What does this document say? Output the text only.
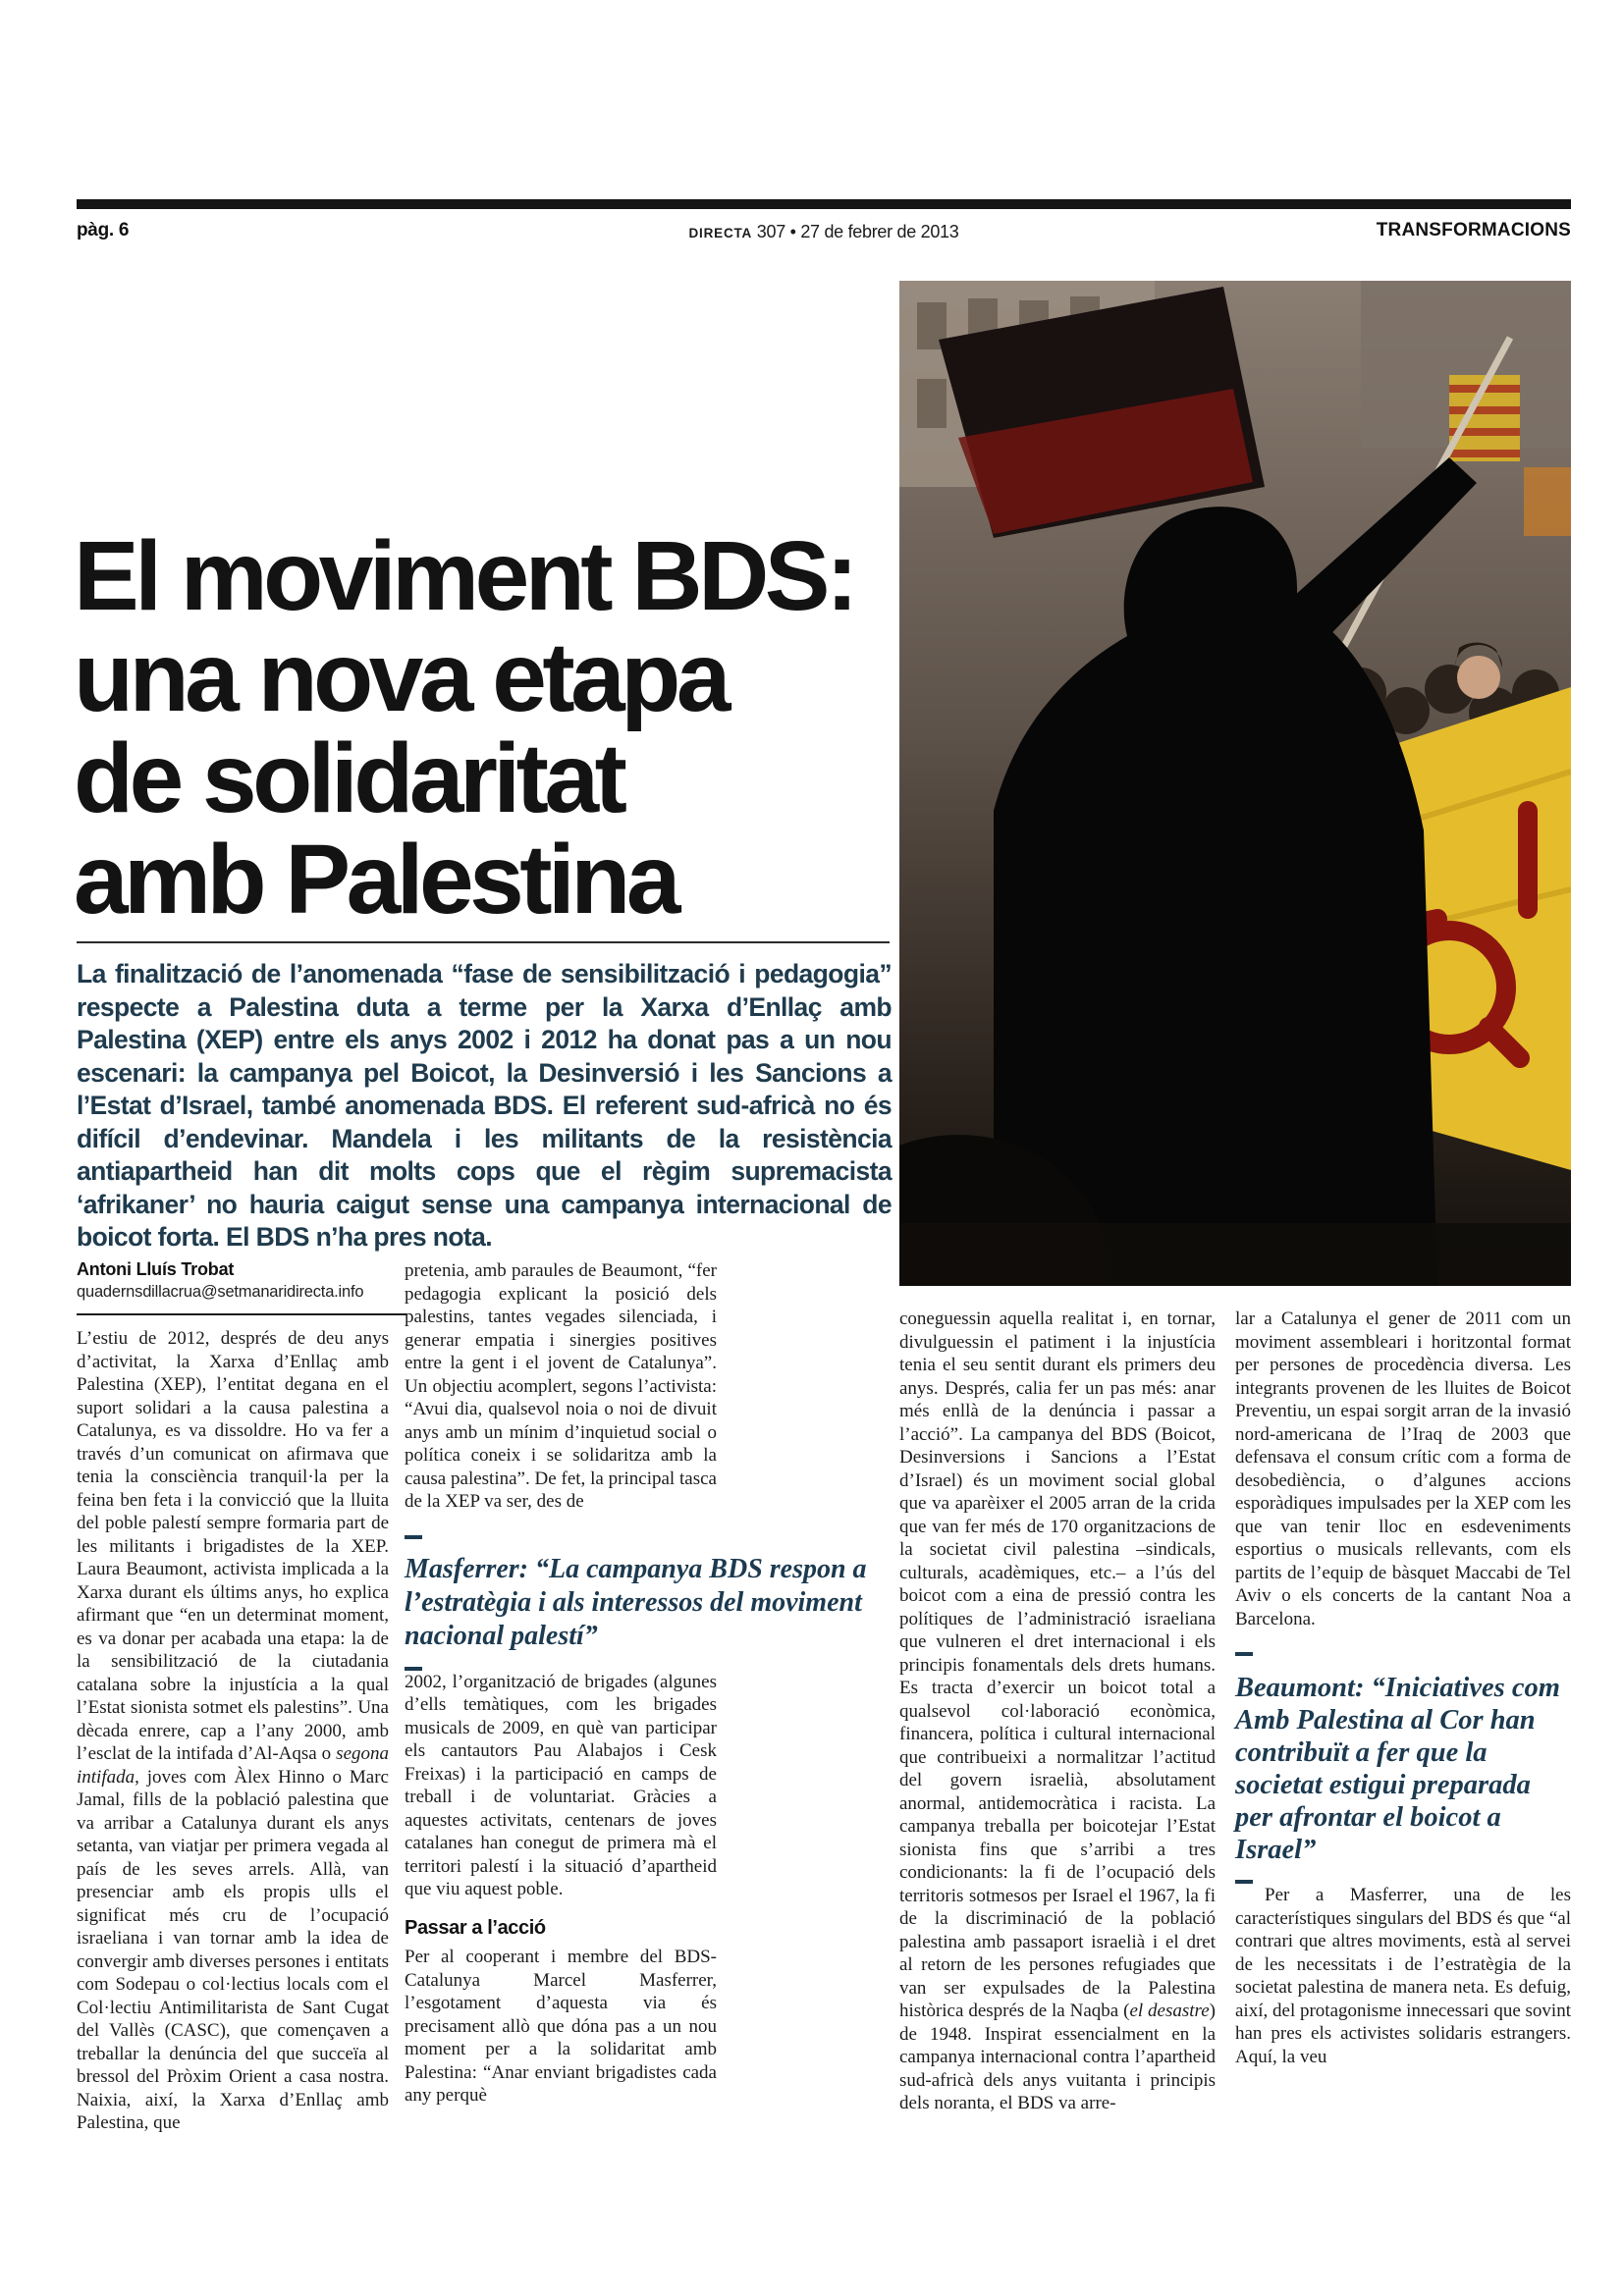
pàg. 6	DIRECTA 307 • 27 de febrer de 2013	TRANSFORMACIONS
El moviment BDS:
una nova etapa
de solidaritat
amb Palestina
La finalització de l’anomenada “fase de sensibilització i pedagogia” respecte a Palestina duta a terme per la Xarxa d’Enllaç amb Palestina (XEP) entre els anys 2002 i 2012 ha donat pas a un nou escenari: la campanya pel Boicot, la Desinversió i les Sancions a l’Estat d’Israel, també anomenada BDS. El referent sud-africà no és difícil d’endevinar. Mandela i les militants de la resistència antiapartheid han dit molts cops que el règim supremacista ‘afrikaner’ no hauria caigut sense una campanya internacional de boicot forta. El BDS n’ha pres nota.
Antoni Lluís Trobat
quadernsdillacrua@setmanaridirecta.info

L’estiu de 2012, després de deu anys d’activitat, la Xarxa d’Enllaç amb Palestina (XEP), l’entitat degana en el suport solidari a la causa palestina a Catalunya, es va dissoldre. Ho va fer a través d’un comunicat on afirmava que tenia la consciència tranquil·la per la feina ben feta i la convicció que la lluita del poble palestí sempre formaria part de les militants i brigadistes de la XEP. Laura Beaumont, activista implicada a la Xarxa durant els últims anys, ho explica afirmant que “en un determinat moment, es va donar per acabada una etapa: la de la sensibilització de la ciutadania catalana sobre la injustícia a la qual l’Estat sionista sotmet els palestins”. Una dècada enrere, cap a l’any 2000, amb l’esclat de la intifada d’Al-Aqsa o segona intifada, joves com Àlex Hinno o Marc Jamal, fills de la població palestina que va arribar a Catalunya durant els anys setanta, van viatjar per primera vegada al país de les seves arrels. Allà, van presenciar amb els propis ulls el significat més cru de l’ocupació israeliana i van tornar amb la idea de convergir amb diverses persones i entitats com Sodepau o col·lectius locals com el Col·lectiu Antimilitarista de Sant Cugat del Vallès (CASC), que començaven a treballar la denúncia del que succeïa al bressol del Pròxim Orient a casa nostra. Naixia, així, la Xarxa d’Enllaç amb Palestina, que

pretenia, amb paraules de Beaumont, “fer pedagogia explicant la posició dels palestins, tantes vegades silenciada, i generar empatia i sinergies positives entre la gent i el jovent de Catalunya”. Un objectiu acomplert, segons l’activista: “Avui dia, qualsevol noia o noi de divuit anys amb un mínim d’inquietud social o política coneix i se solidaritza amb la causa palestina”. De fet, la principal tasca de la XEP va ser, des de

Masferrer: “La campanya BDS respon a l’estratègia i als interessos del moviment nacional palestí”

2002, l’organització de brigades (algunes d’ells temàtiques, com les brigades musicals de 2009, en què van participar els cantautors Pau Alabajos i Cesk Freixas) i la participació en camps de treball i de voluntariat. Gràcies a aquestes activitats, centenars de joves catalanes han conegut de primera mà el territori palestí i la situació d’apartheid que viu aquest poble.

Passar a l’acció

Per al cooperant i membre del BDS-Catalunya Marcel Masferrer, l’esgotament d’aquesta via és precisament allò que dóna pas a un nou moment per a la solidaritat amb Palestina: “Anar enviant brigadistes cada any perquè

coneguessin aquella realitat i, en tornar, divulguessin el patiment i la injustícia tenia el seu sentit durant els primers deu anys. Després, calia fer un pas més: anar més enllà de la denúncia i passar a l’acció”. La campanya del BDS (Boicot, Desinversions i Sancions a l’Estat d’Israel) és un moviment social global que va aparèixer el 2005 arran de la crida que van fer més de 170 organitzacions de la societat civil palestina –sindicals, culturals, acadèmiques, etc.– a l’ús del boicot com a eina de pressió contra les polítiques de l’administració israeliana que vulneren el dret internacional i els principis fonamentals dels drets humans. Es tracta d’exercir un boicot total a qualsevol col·laboració econòmica, financera, política i cultural internacional que contribueixi a normalitzar l’actitud del govern israelià, absolutament anormal, antidemocràtica i racista. La campanya treballa per boicotejar l’Estat sionista fins que s’arribi a tres condicionants: la fi de l’ocupació dels territoris sotmesos per Israel el 1967, la fi de la discriminació de la població palestina amb passaport israelià i el dret al retorn de les persones refugiades que van ser expulsades de la Palestina històrica després de la Naqba (el desastre) de 1948. Inspirat essencialment en la campanya internacional contra l’apartheid sud-africà dels anys vuitanta i principis dels noranta, el BDS va arre-

lar a Catalunya el gener de 2011 com un moviment assembleari i horitzontal format per persones de procedència diversa. Les integrants provenen de les lluites de Boicot Preventiu, un espai sorgit arran de la invasió nord-americana de l’Iraq de 2003 que defensava el consum crític com a forma de desobediència, o d’algunes accions esporàdiques impulsades per la XEP com les que van tenir lloc en esdeveniments esportius o musicals rellevants, com els partits de l’equip de bàsquet Maccabi de Tel Aviv o els concerts de la cantant Noa a Barcelona.

Beaumont: “Iniciatives com Amb Palestina al Cor han contribuït a fer que la societat estigui preparada per afrontar el boicot a Israel”

Per a Masferrer, una de les característiques singulars del BDS és que “al contrari que altres moviments, està al servei de les necessitats i de l’estratègia de la societat palestina de manera neta. Es defuig, així, del protagonisme innecessari que sovint han pres els activistes solidaris estrangers. Aquí, la veu
